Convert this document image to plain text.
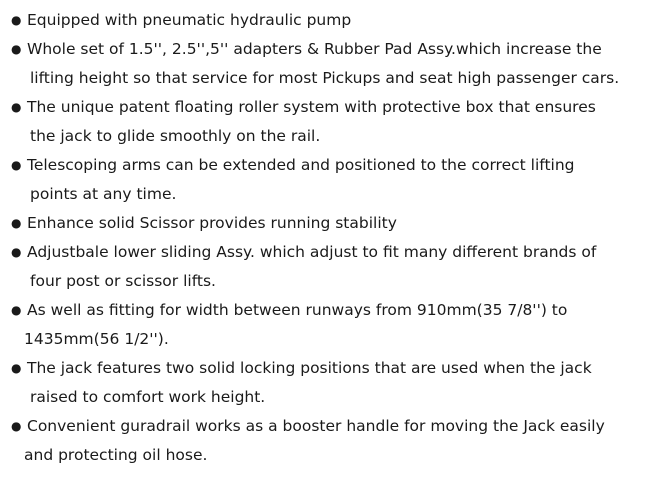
● Equipped with pneumatic hydraulic pump
● Whole set of 1.5'', 2.5'',5'' adapters & Rubber Pad Assy.which increase the
lifting height so that service for most Pickups and seat high passenger cars.
● The unique patent floating roller system with protective box that ensures
the jack to glide smoothly on the rail.
● Telescoping arms can be extended and positioned to the correct lifting
points at any time.
● Enhance solid Scissor provides running stability
● Adjustbale lower sliding Assy. which adjust to fit many different brands of
four post or scissor lifts.
● As well as fitting for width between runways from 910mm(35 7/8'') to
1435mm(56 1/2'').
● The jack features two solid locking positions that are used when the jack
raised to comfort work height.
● Convenient guradrail works as a booster handle for moving the Jack easily
and protecting oil hose.
